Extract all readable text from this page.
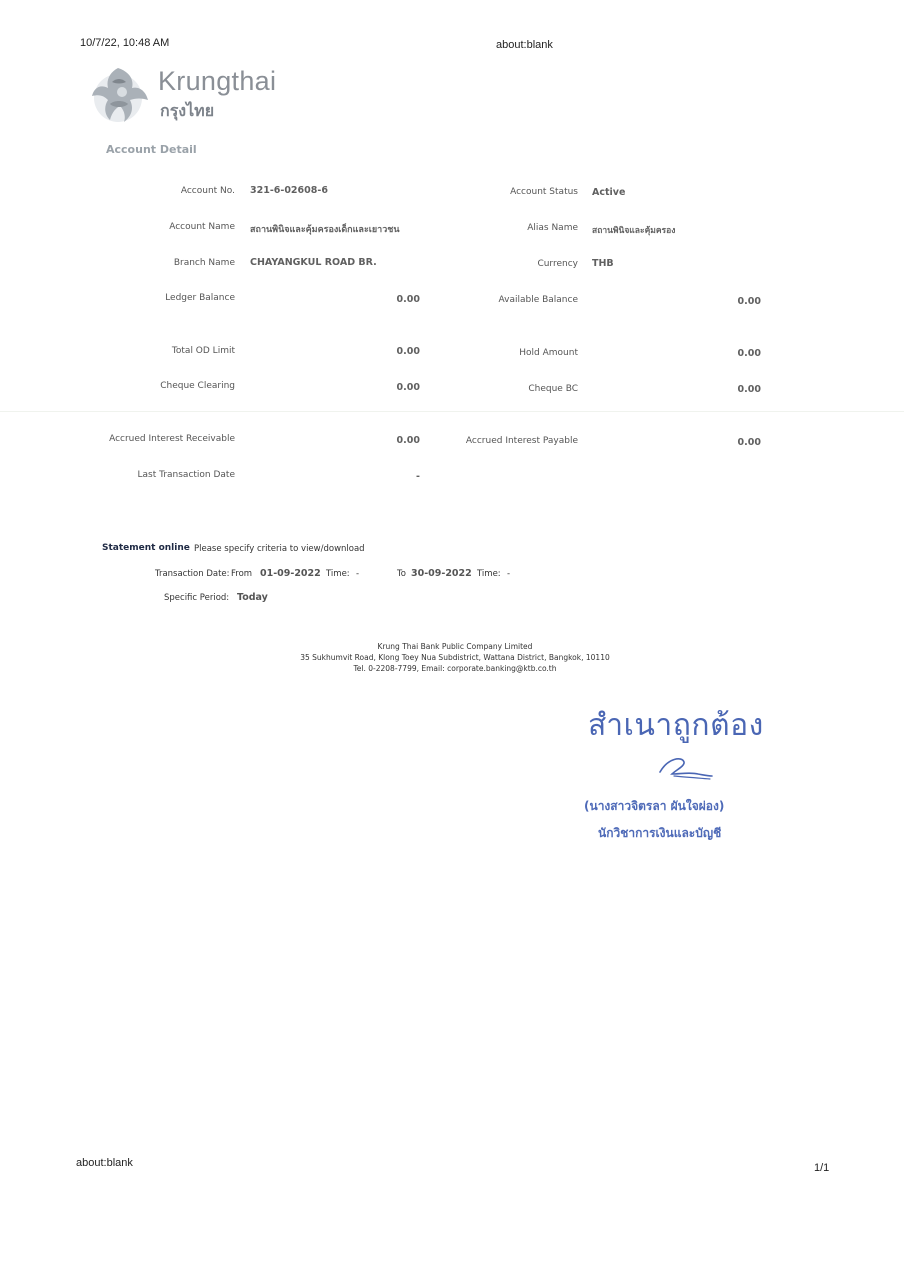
10/7/22, 10:48 AM	about:blank
Krungthai
กรุงไทย
Account Detail
Account No. 321-6-02608-6	Account Status Active
Account Name สถานพินิจและคุ้มครองเด็กและเยาวชน	Alias Name สถานพินิจและคุ้มครอง
Branch Name CHAYANGKUL ROAD BR.	Currency THB
Ledger Balance	0.00	Available Balance	0.00
Total OD Limit	0.00	Hold Amount	0.00
Cheque Clearing	0.00	Cheque BC	0.00
Accrued Interest Receivable	0.00	Accrued Interest Payable	0.00
Last Transaction Date	-
Statement online Please specify criteria to view/download
Transaction Date: From 01-09-2022 Time: -	To 30-09-2022 Time: -
Specific Period: Today
Krung Thai Bank Public Company Limited
35 Sukhumvit Road, Klong Toey Nua Subdistrict, Wattana District, Bangkok, 10110
Tel. 0-2208-7799, Email: corporate.banking@ktb.co.th
สำเนาถูกต้อง
(นางสาวจิตรลา ผันใจผ่อง)
นักวิชาการเงินและบัญชี
about:blank	1/1
